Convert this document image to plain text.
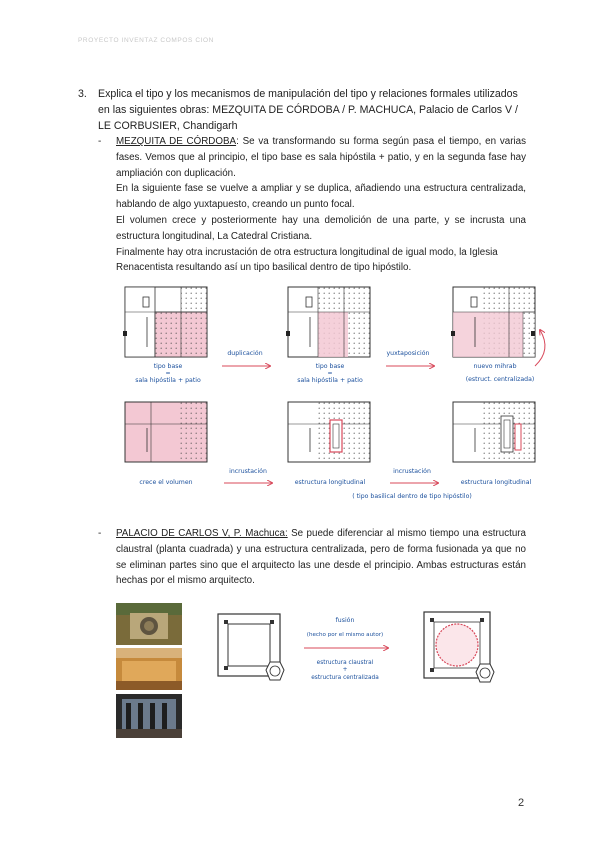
PROYECTO INVENTAZ COMPOS CION
3. Explica el tipo y los mecanismos de manipulación del tipo y relaciones formales utilizados
en las siguientes obras: MEZQUITA DE CÓRDOBA / P. MACHUCA, Palacio de Carlos V /
LE CORBUSIER, Chandigarh
- MEZQUITA DE CÓRDOBA: Se va transformando su forma según pasa el tiempo, en varias fases. Vemos que al principio, el tipo base es sala hipóstila + patio, y en la segunda fase hay ampliación con duplicación.

En la siguiente fase se vuelve a ampliar y se duplica, añadiendo una estructura centralizada, hablando de algo yuxtapuesto, creando un punto focal.

El volumen crece y posteriormente hay una demolición de una parte, y se incrusta una estructura longitudinal, La Catedral Cristiana.

Finalmente hay otra incrustación de otra estructura longitudinal de igual modo, la Iglesia Renacentista resultando así un tipo basilical dentro de tipo hipóstilo.

tipo base
=
sala hipóstila + patio
duplicación
tipo base
=
sala hipóstila + patio
yuxtaposición
nuevo mihrab
(estruct. centralizada)
crece el volumen
incrustación
estructura longitudinal
incrustación
estructura longitudinal
( tipo basilical dentro de tipo hipóstilo)
- PALACIO DE CARLOS V, P. Machuca: Se puede diferenciar al mismo tiempo una estructura claustral (planta cuadrada) y una estructura centralizada, pero de forma fusionada ya que no se eliminan partes sino que el arquitecto las une desde el principio. Ambas estructuras están hechas por el mismo arquitecto.

fusión
(hecho por el mismo autor)
estructura claustral
+
estructura centralizada
2
